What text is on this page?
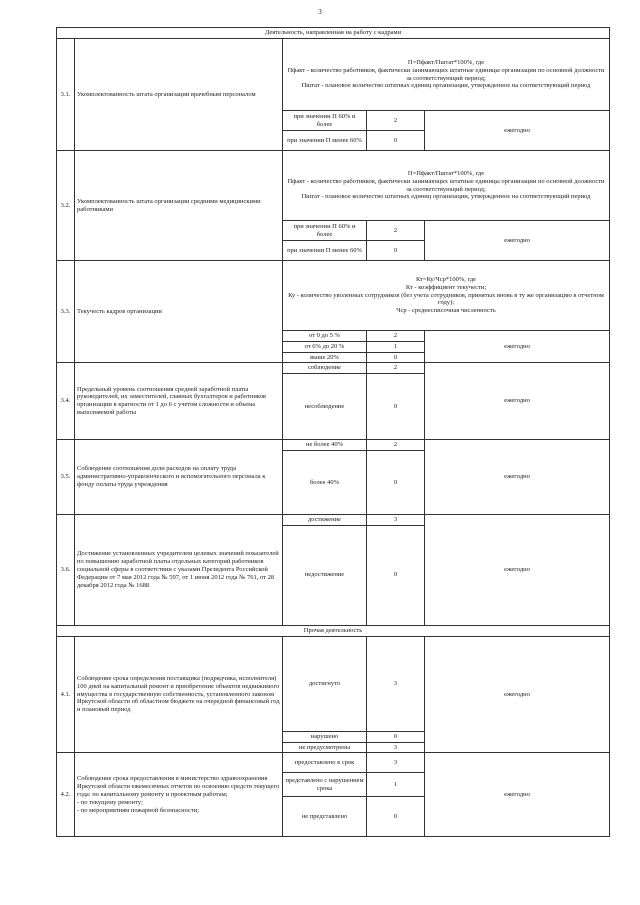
3
Деятельность, направленная на работу с кадрами				
3.1.	Укомплектованность штата организации врачебным персоналом	П=Пфакт/Пштат*100%, где
Пфакт - количество работников, фактически занимающих штатные единицы организации по основной должности за соответствующий период;
Пштат - плановое количество штатных единиц организации, утвержденное на соответствующий период		

		при значении П 60% и более	2	ежегодно
		при значении П менее 60%	0	
3.2.	Укомплектованность штата организации средними медицинскими работниками	П=Пфакт/Пштат*100%, где
Пфакт - количество работников, фактически занимающих штатные единицы организации по основной должности за соответствующий период;
Пштат - плановое количество штатных единиц организации, утвержденное на соответствующий период		

		при значении П 60% и более	2	ежегодно
		при значении П менее 60%	0	
3.3.	Текучесть кадров организации	Кт=Ку/Чср*100%, где
Кт - коэффициент текучести;
Ку - количество уволенных сотрудников (без учета сотрудников, принятых вновь в ту же организацию в отчетном году);
Чср - среднесписочная численность		

		от 0 до 5 %	2	ежегодно
		от 6% до 20 %	1	
		выше 20%	0	
3.4.	Предельный уровень соотношения средней заработной платы руководителей, их заместителей, главных бухгалтеров и работников организации в кратности от 1 до 6 с учетом сложности и объема выполняемой работы	соблюдение	2	ежегодно
		несоблюдение	0	
3.5.	Соблюдение соотношения доли расходов на оплату труда административно-управленческого и вспомогательного персонала к фонду оплаты труда учреждения	не более 40%	2	ежегодно
		более 40%	0	
3.6.	Достижение установленных учредителем целевых значений показателей по повышению заработной платы отдельных категорий работников социальной сферы в соответствии с указами Президента Российской Федерации от 7 мая 2012 года № 597, от 1 июня 2012 года № 761, от 28 декабря 2012 года № 1688	достижение	3	ежегодно
		недостижение	0	
Прочая деятельность				
4.1.	Соблюдение срока определения поставщика (подрядчика, исполнителя) 100 дней на капитальный ремонт и приобретение объектов недвижимого имущества в государственную собственность, установленного законом Иркутской области об областном бюджете на очередной финансовый год и плановый период	достигнуто	3	ежегодно
		нарушено	0	
		не предусмотрены	3	
4.2.	Соблюдение срока предоставления в министерство здравоохранения Иркутской области ежемесячных отчетов по освоению средств текущего года: по капитальному ремонту и проектным работам;
- по текущему ремонту;
- по мероприятиям пожарной безопасности;	предоставлено в срок	3	ежегодно
		представлено с нарушением срока	1	
		не представлено	0	
